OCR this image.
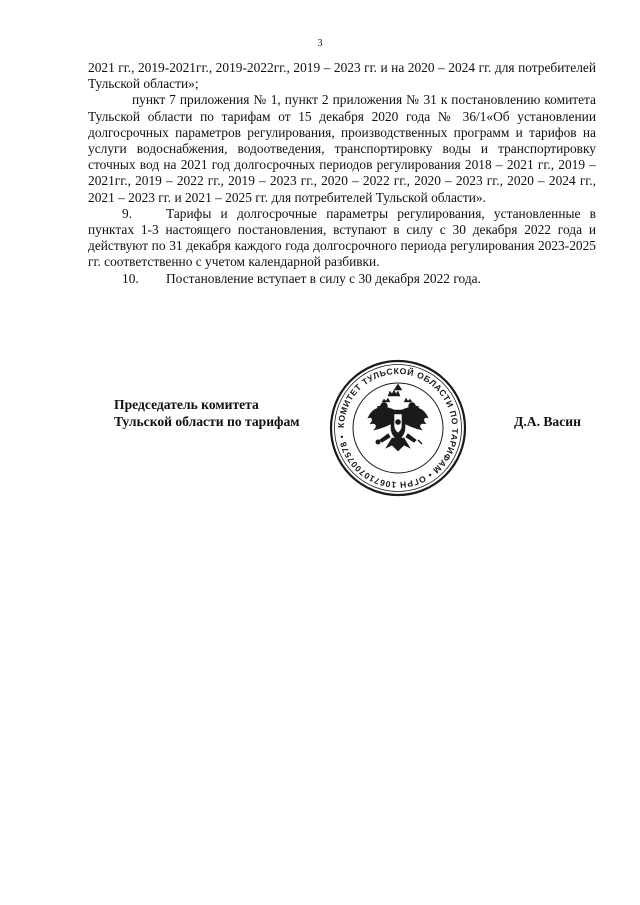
3

2021 гг., 2019-2021гг., 2019-2022гг., 2019 – 2023 гг. и на 2020 – 2024 гг. для потребителей Тульской области»;

пункт 7 приложения № 1, пункт 2 приложения № 31 к постановлению комитета Тульской области по тарифам от 15 декабря 2020 года № 36/1«Об установлении долгосрочных параметров регулирования, производственных программ и тарифов на услуги водоснабжения, водоотведения, транспортировку воды и транспортировку сточных вод на 2021 год долгосрочных периодов регулирования 2018 – 2021 гг., 2019 – 2021гг., 2019 – 2022 гг., 2019 – 2023 гг., 2020 – 2022 гг., 2020 – 2023 гг., 2020 – 2024 гг., 2021 – 2023 гг. и 2021 – 2025 гг. для потребителей Тульской области».

9.	Тарифы и долгосрочные параметры регулирования, установленные в пунктах 1-3 настоящего постановления, вступают в силу с 30 декабря 2022 года и действуют по 31 декабря каждого года долгосрочного периода регулирования 2023-2025 гг. соответственно с учетом календарной разбивки.

10. Постановление вступает в силу с 30 декабря 2022 года.

Председатель комитета
Тульской области по тарифам	Д.А. Васин
КОМИТЕТ ТУЛЬСКОЙ ОБЛАСТИ ПО ТАРИФАМ • ОГРН 1067107007578 •
